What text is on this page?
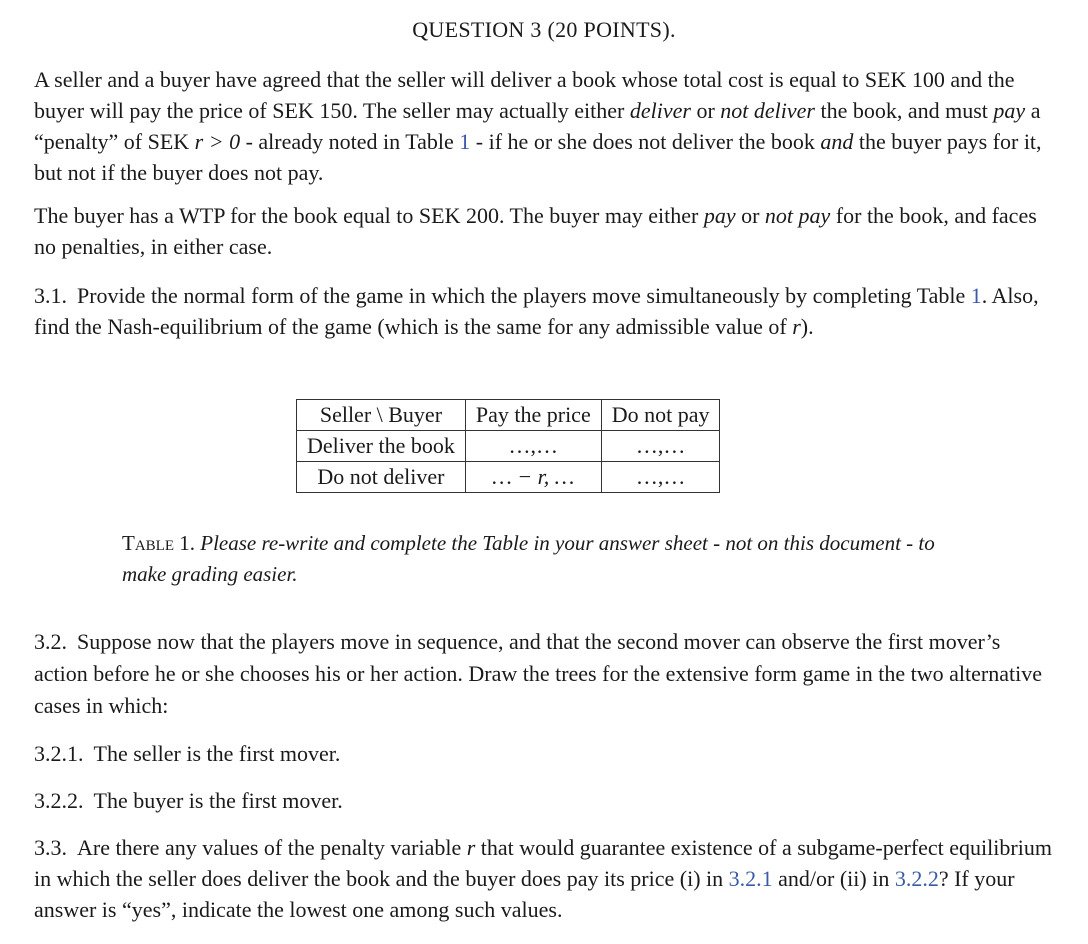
QUESTION 3 (20 POINTS).
A seller and a buyer have agreed that the seller will deliver a book whose total cost is equal to SEK 100 and the buyer will pay the price of SEK 150. The seller may actually either deliver or not deliver the book, and must pay a “penalty” of SEK r > 0 - already noted in Table 1 - if he or she does not deliver the book and the buyer pays for it, but not if the buyer does not pay.
The buyer has a WTP for the book equal to SEK 200. The buyer may either pay or not pay for the book, and faces no penalties, in either case.
3.1. Provide the normal form of the game in which the players move simultaneously by completing Table 1. Also, find the Nash-equilibrium of the game (which is the same for any admissible value of r).
Seller \ Buyer	Pay the price	Do not pay
Deliver the book	…,…	…,…
Do not deliver	… − r, …	…,…
Table 1. Please re-write and complete the Table in your answer sheet - not on this document - to make grading easier.
3.2. Suppose now that the players move in sequence, and that the second mover can observe the first mover’s action before he or she chooses his or her action. Draw the trees for the extensive form game in the two alternative cases in which:
3.2.1. The seller is the first mover.
3.2.2. The buyer is the first mover.
3.3. Are there any values of the penalty variable r that would guarantee existence of a subgame-perfect equilibrium in which the seller does deliver the book and the buyer does pay its price (i) in 3.2.1 and/or (ii) in 3.2.2? If your answer is “yes”, indicate the lowest one among such values.
